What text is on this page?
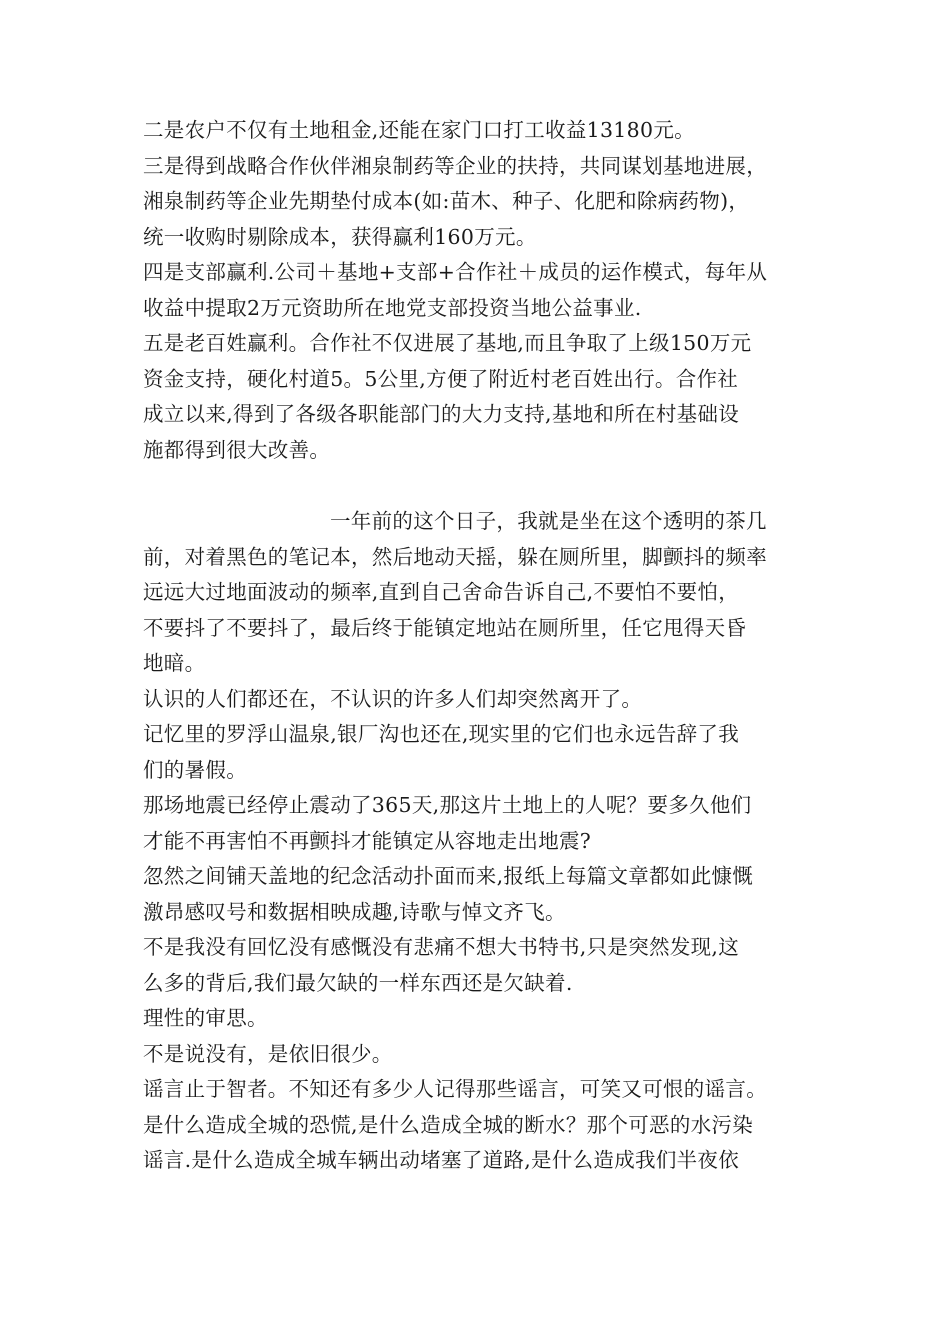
二是农户不仅有土地租金,还能在家门口打工收益13180元。

三是得到战略合作伙伴湘泉制药等企业的扶持，共同谋划基地进展，
湘泉制药等企业先期垫付成本(如:苗木、种子、化肥和除病药物)，
统一收购时剔除成本，获得赢利160万元。

四是支部赢利.公司＋基地+支部+合作社＋成员的运作模式，每年从
收益中提取2万元资助所在地党支部投资当地公益事业.

五是老百姓赢利。合作社不仅进展了基地,而且争取了上级150万元
资金支持，硬化村道5。5公里,方便了附近村老百姓出行。合作社
成立以来,得到了各级各职能部门的大力支持,基地和所在村基础设
施都得到很大改善。

一年前的这个日子，我就是坐在这个透明的茶几
前，对着黑色的笔记本，然后地动天摇，躲在厕所里，脚颤抖的频率
远远大过地面波动的频率,直到自己舍命告诉自己,不要怕不要怕，
不要抖了不要抖了，最后终于能镇定地站在厕所里，任它甩得天昏
地暗。

认识的人们都还在，不认识的许多人们却突然离开了。

记忆里的罗浮山温泉,银厂沟也还在,现实里的它们也永远告辞了我
们的暑假。

那场地震已经停止震动了365天,那这片土地上的人呢？要多久他们
才能不再害怕不再颤抖才能镇定从容地走出地震?

忽然之间铺天盖地的纪念活动扑面而来,报纸上每篇文章都如此慷慨
激昂感叹号和数据相映成趣,诗歌与悼文齐飞。

不是我没有回忆没有感慨没有悲痛不想大书特书,只是突然发现,这
么多的背后,我们最欠缺的一样东西还是欠缺着.

理性的审思。

不是说没有，是依旧很少。

谣言止于智者。不知还有多少人记得那些谣言，可笑又可恨的谣言。
是什么造成全城的恐慌,是什么造成全城的断水？那个可恶的水污染
谣言.是什么造成全城车辆出动堵塞了道路,是什么造成我们半夜依
